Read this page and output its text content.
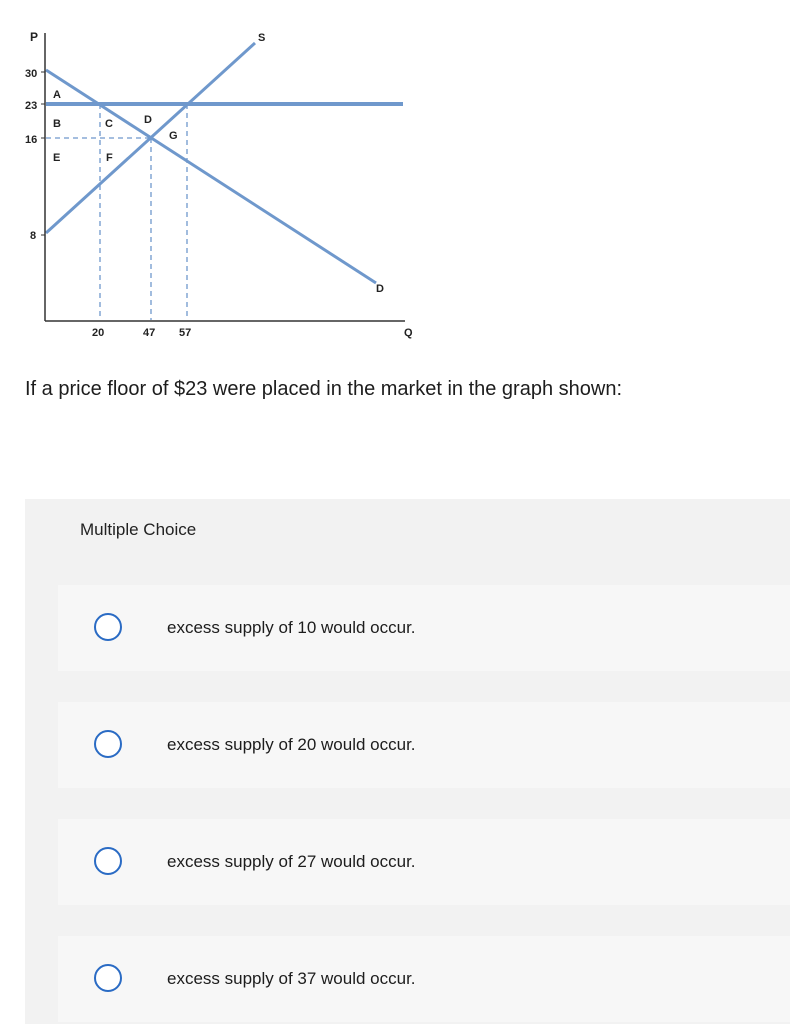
P
Q
30
23
16
8
20	47 57
S
D
A
B	C	D
E	F
G

If a price floor of $23 were placed in the market in the graph shown:

Multiple Choice
excess supply of 10 would occur.
excess supply of 20 would occur.
excess supply of 27 would occur.
excess supply of 37 would occur.
